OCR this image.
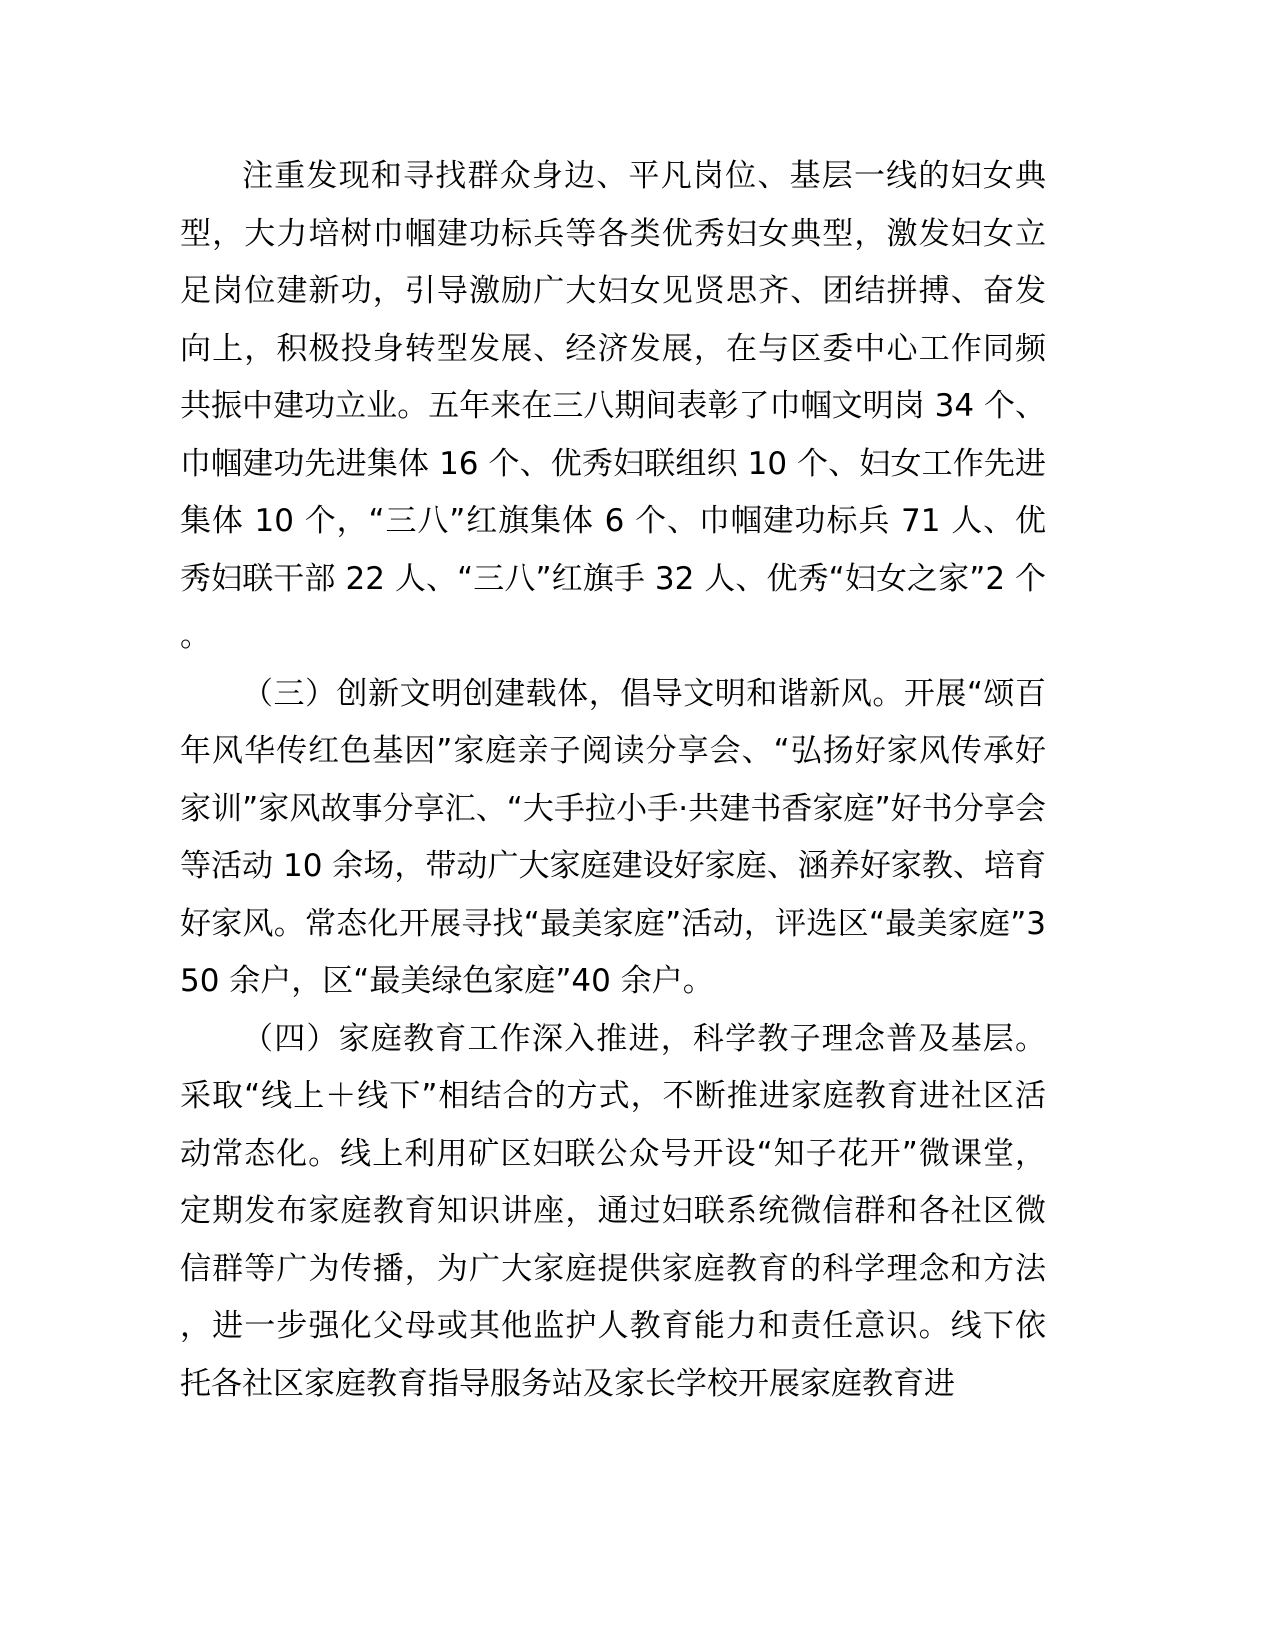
注重发现和寻找群众身边、平凡岗位、基层一线的妇女典型，大力培树巾帼建功标兵等各类优秀妇女典型，激发妇女立足岗位建新功，引导激励广大妇女见贤思齐、团结拼搏、奋发向上，积极投身转型发展、经济发展，在与区委中心工作同频共振中建功立业。五年来在三八期间表彰了巾帼文明岗 34 个、巾帼建功先进集体 16 个、优秀妇联组织 10 个、妇女工作先进集体 10 个，“三八”红旗集体 6 个、巾帼建功标兵 71 人、优秀妇联干部 22 人、“三八”红旗手 32 人、优秀“妇女之家”2 个。

（三）创新文明创建载体，倡导文明和谐新风。开展“颂百年风华传红色基因”家庭亲子阅读分享会、“弘扬好家风传承好家训”家风故事分享汇、“大手拉小手·共建书香家庭”好书分享会等活动 10 余场，带动广大家庭建设好家庭、涵养好家教、培育好家风。常态化开展寻找“最美家庭”活动，评选区“最美家庭”350 余户，区“最美绿色家庭”40 余户。

（四）家庭教育工作深入推进，科学教子理念普及基层。采取“线上＋线下”相结合的方式，不断推进家庭教育进社区活动常态化。线上利用矿区妇联公众号开设“知子花开”微课堂，定期发布家庭教育知识讲座，通过妇联系统微信群和各社区微信群等广为传播，为广大家庭提供家庭教育的科学理念和方法，进一步强化父母或其他监护人教育能力和责任意识。线下依托各社区家庭教育指导服务站及家长学校开展家庭教育进
